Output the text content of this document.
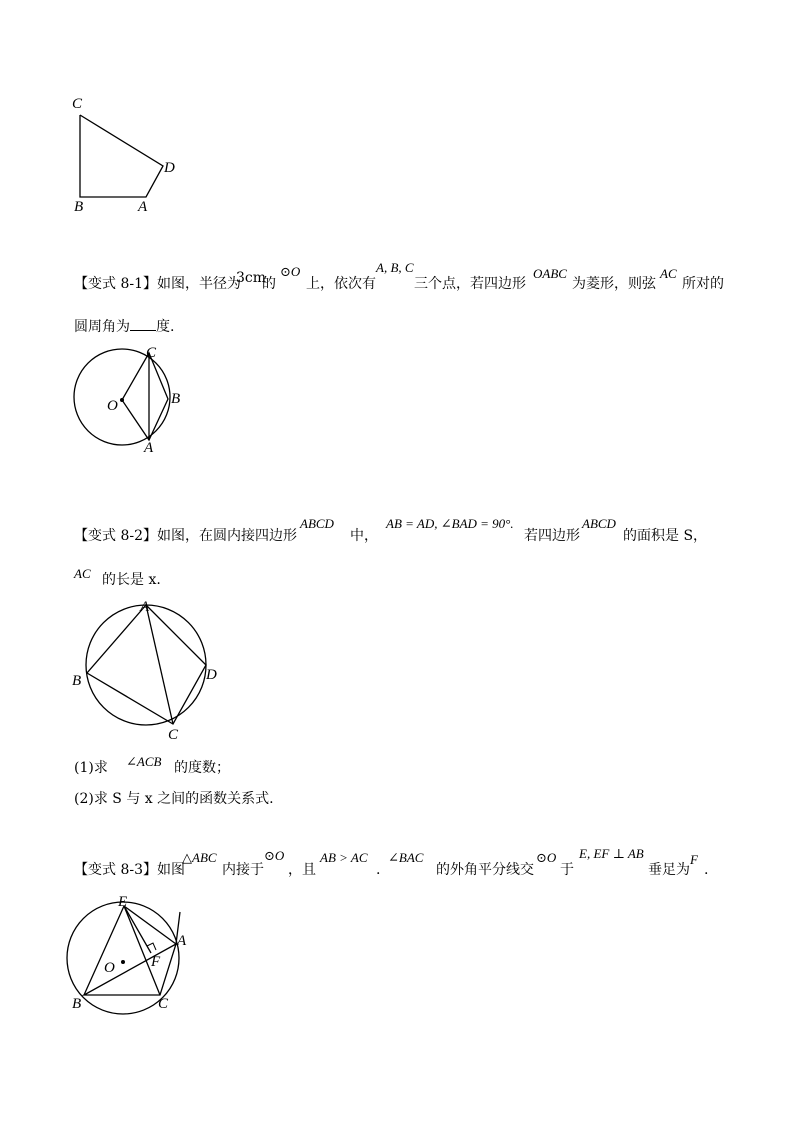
C
D
B	A
【变式 8-1】如图，半径为
3cm
的
⊙O
上，依次有
A, B, C
三个点，若四边形
OABC
为菱形，则弦
AC
所对的
圆周角为 度.
C
O	B
A
【变式 8-2】如图，在圆内接四边形
ABCD
中，
AB = AD, ∠BAD = 90°.
若四边形
ABCD
的面积是 S，
AC 的长是 x.
A
B	D
C
(1)求 ∠ACB 的度数；
(2)求 S 与 x 之间的函数关系式.
【变式 8-3】如图
△ABC
内接于
⊙O
，且
AB > AC
.
∠BAC
的外角平分线交
⊙O
于
E, EF ⊥ AB
垂足为
F
.
E
A
O F
B	C
